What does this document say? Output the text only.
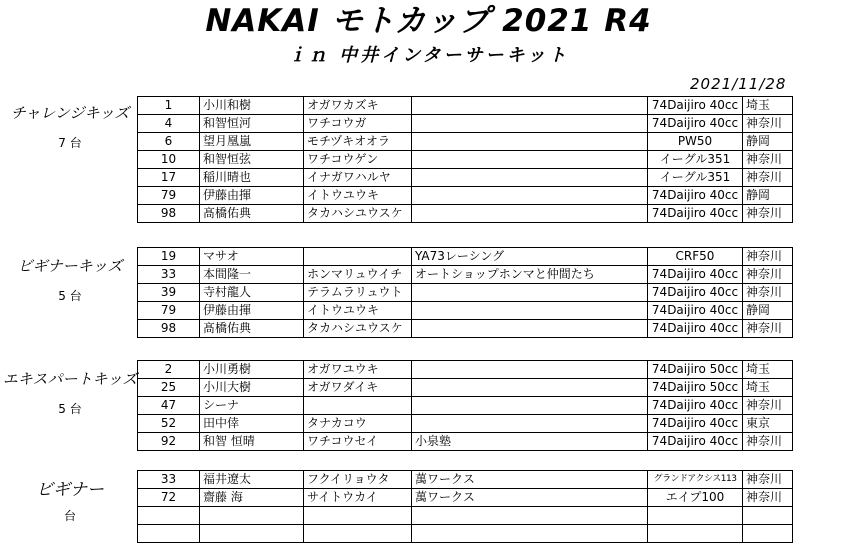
NAKAI モトカップ 2021 R4
ｉｎ 中井インターサーキット
2021/11/28
チャレンジキッズ
7 台
1	小川和樹	オガワカズキ		74Daijiro 40cc	埼玉
4	和智恒河	ワチコウガ		74Daijiro 40cc	神奈川
6	望月凰嵐	モチヅキオオラ		PW50	静岡
10	和智恒弦	ワチコウゲン		イーグル351	神奈川
17	稲川晴也	イナガワハルヤ		イーグル351	神奈川
79	伊藤由揮	イトウユウキ		74Daijiro 40cc	静岡
98	髙橋佑典	タカハシユウスケ		74Daijiro 40cc	神奈川
ビギナーキッズ
5 台
19	マサオ		YA73レーシング	CRF50	神奈川
33	本間隆一	ホンマリュウイチ	オートショップホンマと仲間たち	74Daijiro 40cc	神奈川
39	寺村龍人	テラムラリュウト		74Daijiro 40cc	神奈川
79	伊藤由揮	イトウユウキ		74Daijiro 40cc	静岡
98	髙橋佑典	タカハシユウスケ		74Daijiro 40cc	神奈川
エキスパートキッズ
5 台
2	小川勇樹	オガワユウキ		74Daijiro 50cc	埼玉
25	小川大樹	オガワダイキ		74Daijiro 50cc	埼玉
47	シーナ			74Daijiro 40cc	神奈川
52	田中倖	タナカコウ		74Daijiro 40cc	東京
92	和智 恒晴	ワチコウセイ	小泉塾	74Daijiro 40cc	神奈川
ビギナー
台
33	福井遼太	フクイリョウタ	萬ワークス	グランドアクシス113	神奈川
72	齋藤 海	サイトウカイ	萬ワークス	エイプ100	神奈川
